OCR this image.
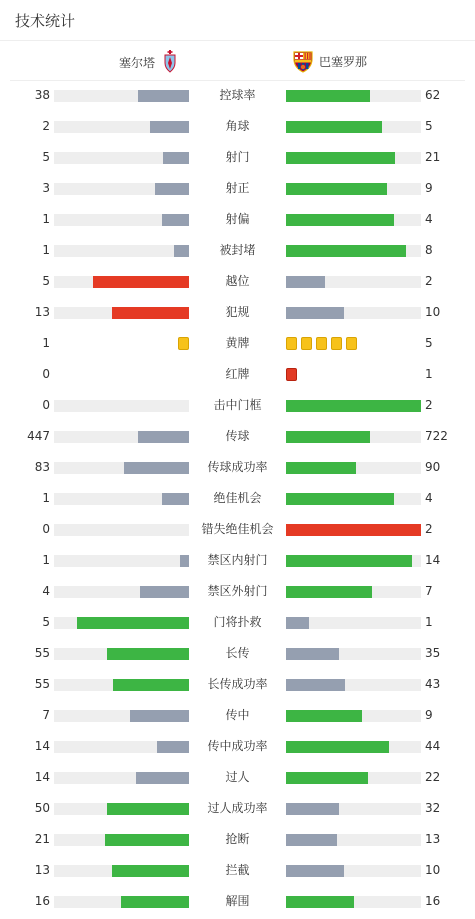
技术统计
塞尔塔	巴塞罗那
38	控球率	62
2	角球	5
5	射门	21
3	射正	9
1	射偏	4
1	被封堵	8
5	越位	2
13	犯规	10
1	黄牌	5
0	红牌	1
0	击中门框	2
447	传球	722
83	传球成功率	90
1	绝佳机会	4
0	错失绝佳机会	2
1	禁区内射门	14
4	禁区外射门	7
5	门将扑救	1
55	长传	35
55	长传成功率	43
7	传中	9
14	传中成功率	44
14	过人	22
50	过人成功率	32
21	抢断	13
13	拦截	10
16	解围	16
